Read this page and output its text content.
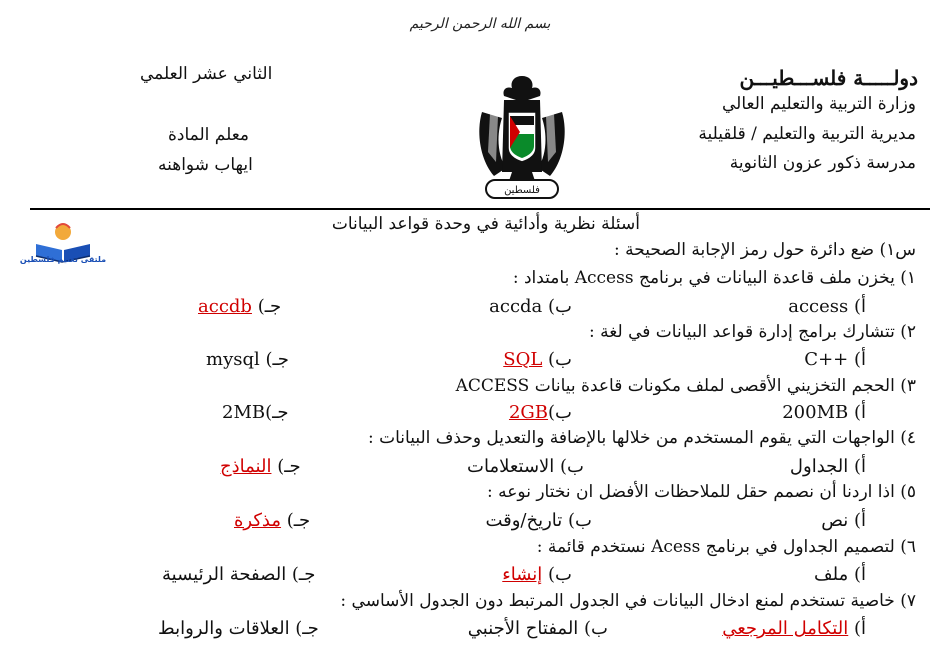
بسم الله الرحمن الرحيم
دولـــــة فلســـطيـــن
وزارة التربية والتعليم العالي
مديرية التربية والتعليم / قلقيلية
مدرسة ذكور عزون الثانوية
الثاني عشر العلمي
معلم المادة
ايهاب شواهنه
فلسطين
ملتقى تعليم فلسطين
أسئلة نظرية وأدائية في وحدة قواعد البيانات
س١) ضع دائرة حول رمز الإجابة الصحيحة :
١) يخزن ملف قاعدة البيانات في برنامج Access بامتداد :
أ) access
ب) accda
جـ) accdb
٢) تتشارك برامج إدارة قواعد البيانات في لغة :
أ) ++C
ب) SQL
جـ) mysql
٣) الحجم التخزيني الأقصى لملف مكونات قاعدة بيانات ACCESS
أ) 200MB
ب)2GB
جـ)2MB
٤) الواجهات التي يقوم المستخدم من خلالها بالإضافة والتعديل وحذف البيانات :
أ) الجداول
ب) الاستعلامات
جـ) النماذج
٥) اذا اردنا أن نصمم حقل للملاحظات الأفضل ان نختار نوعه :
أ) نص
ب) تاريخ/وقت
جـ) مذكرة
٦) لتصميم الجداول في برنامج Acess نستخدم قائمة :
أ) ملف
ب) إنشاء
جـ) الصفحة الرئيسية
٧) خاصية تستخدم لمنع ادخال البيانات في الجدول المرتبط دون الجدول الأساسي :
أ) التكامل المرجعي
ب) المفتاح الأجنبي
جـ) العلاقات والروابط
